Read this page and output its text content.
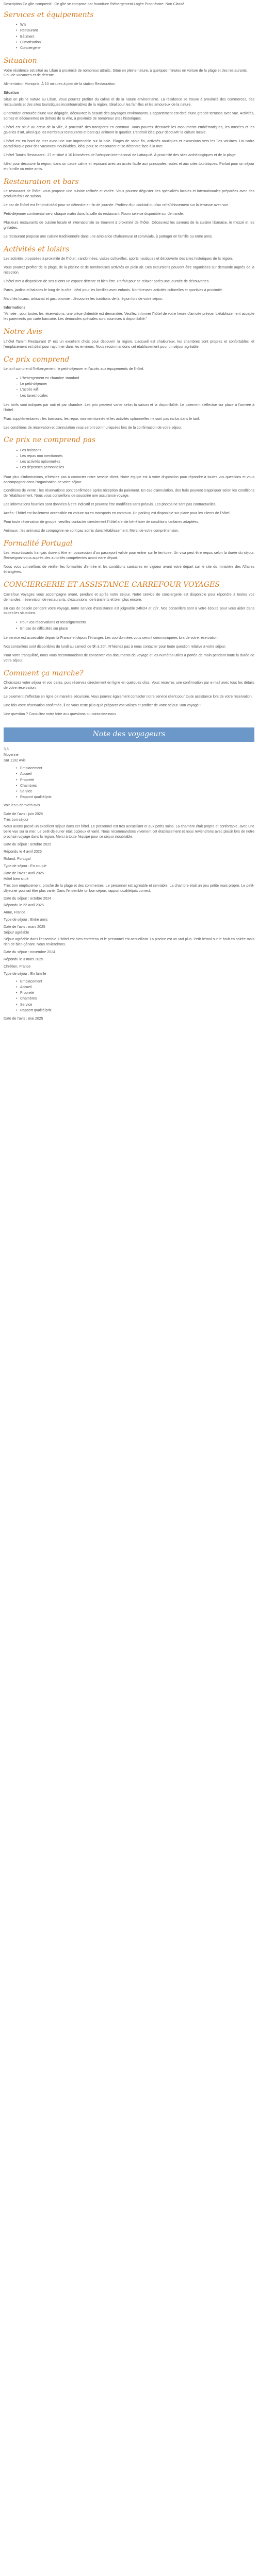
Description Ce gîte comprend : Ce gîte se compose par fourniture l'hébergement Logée Propriétaire. Non Classé

Services et équipements
• Wifi
• Restaurant
• Bâtiment
• Climatisation
• Conciergerie
Situation

Votre résidence est situé au Liban à proximité de nombreux attraits. Situé en pleine nature, à quelques minutes en voiture de la plage et des restaurants. Lieu de vacances et de détente.

Alimentation Monoprix. À 10 minutes à pied de la station Restauration.

Situation

Situé en pleine nature au Liban. Vous pourrez profiter du calme et de la nature environnante. La résidence se trouve à proximité des commerces, des restaurants et des sites touristiques incontournables de la région. Idéal pour les familles et les amoureux de la nature.

Orientation entourée d'une vue dégagée, découvrez la beauté des paysages environnants. L'appartement est doté d'une grande terrasse avec vue. Activités, sorties et découvertes en dehors de la ville, à proximité de nombreux sites historiques.

L'hôtel est situé au cœur de la ville, à proximité des transports en commun. Vous pourrez découvrir les monuments emblématiques, les musées et les galeries d'art, ainsi que les nombreux restaurants et bars qui animent le quartier. L'endroit idéal pour découvrir la culture locale.

L'hôtel est en bord de mer avec une vue imprenable sur la baie. Plages de sable fin, activités nautiques et excursions vers les îles voisines. Un cadre paradisiaque pour des vacances inoubliables, idéal pour se ressourcer et se détendre face à la mer.

L'hôtel Tamim Restaurant : 27 et situé à 10 kilomètres de l'aéroport international de Lattaquié. À proximité des sites archéologiques et de la plage.

Idéal pour découvrir la région, dans un cadre calme et reposant avec un accès facile aux principales routes et aux sites touristiques. Parfait pour un séjour en famille ou entre amis.

Restauration et bars

Le restaurant de l'hôtel vous propose une cuisine raffinée et variée. Vous pourrez déguster des spécialités locales et internationales préparées avec des produits frais de saison.

Le bar de l'hôtel est l'endroit idéal pour se détendre en fin de journée. Profitez d'un cocktail ou d'un rafraîchissement sur la terrasse avec vue.

Petit-déjeuner continental servi chaque matin dans la salle du restaurant. Room service disponible sur demande.

Plusieurs restaurants de cuisine locale et internationale se trouvent à proximité de l'hôtel. Découvrez les saveurs de la cuisine libanaise, le mezzé et les grillades.

Le restaurant propose une cuisine traditionnelle dans une ambiance chaleureuse et conviviale, à partager en famille ou entre amis.

Activités et loisirs

Les activités proposées à proximité de l'hôtel : randonnées, visites culturelles, sports nautiques et découverte des sites historiques de la région.

Vous pourrez profiter de la plage, de la piscine et de nombreuses activités en plein air. Des excursions peuvent être organisées sur demande auprès de la réception.

L'hôtel met à disposition de ses clients un espace détente et bien-être. Parfait pour se relaxer après une journée de découvertes.

Parcs, jardins et balades le long de la côte. Idéal pour les familles avec enfants. Nombreuses activités culturelles et sportives à proximité.

Marchés locaux, artisanat et gastronomie : découvrez les traditions de la région lors de votre séjour.

Informations

"Arrivée : pour toutes les réservations, une pièce d'identité est demandée. Veuillez informer l'hôtel de votre heure d'arrivée prévue. L'établissement accepte les paiements par carte bancaire. Les demandes spéciales sont soumises à disponibilité."

Notre Avis

L'hôtel Tamim Restaurant 3* est un excellent choix pour découvrir la région. L'accueil est chaleureux, les chambres sont propres et confortables, et l'emplacement est idéal pour rayonner dans les environs. Nous recommandons cet établissement pour un séjour agréable.

Ce prix comprend

Le tarif comprend l'hébergement, le petit-déjeuner et l'accès aux équipements de l'hôtel.

– L'hébergement en chambre standard
– Le petit-déjeuner
– L'accès wifi
– Les taxes locales

Les tarifs sont indiqués par nuit et par chambre. Les prix peuvent varier selon la saison et la disponibilité. Le paiement s'effectue sur place à l'arrivée à l'hôtel.

Frais supplémentaires : les boissons, les repas non mentionnés et les activités optionnelles ne sont pas inclus dans le tarif.

Les conditions de réservation et d'annulation vous seront communiquées lors de la confirmation de votre séjour.

Ce prix ne comprend pas
– Les boissons
– Les repas non mentionnés
– Les activités optionnelles
– Les dépenses personnelles

Pour plus d'informations, n'hésitez pas à contacter notre service client. Notre équipe est à votre disposition pour répondre à toutes vos questions et vous accompagner dans l'organisation de votre séjour.

Conditions de vente : les réservations sont confirmées après réception du paiement. En cas d'annulation, des frais peuvent s'appliquer selon les conditions de l'établissement. Nous vous conseillons de souscrire une assurance voyage.

Les informations fournies sont données à titre indicatif et peuvent être modifiées sans préavis. Les photos ne sont pas contractuelles.

Accès : l'hôtel est facilement accessible en voiture ou en transports en commun. Un parking est disponible sur place pour les clients de l'hôtel.

Pour toute réservation de groupe, veuillez contacter directement l'hôtel afin de bénéficier de conditions tarifaires adaptées.

Animaux : les animaux de compagnie ne sont pas admis dans l'établissement. Merci de votre compréhension.

Formalité Portugal

Les ressortissants français doivent être en possession d'un passeport valide pour entrer sur le territoire. Un visa peut être requis selon la durée du séjour. Renseignez-vous auprès des autorités compétentes avant votre départ.

Nous vous conseillons de vérifier les formalités d'entrée et les conditions sanitaires en vigueur avant votre départ sur le site du ministère des Affaires étrangères.

CONCIERGERIE ET ASSISTANCE CARREFOUR VOYAGES

Carrefour Voyages vous accompagne avant, pendant et après votre séjour. Notre service de conciergerie est disponible pour répondre à toutes vos demandes : réservation de restaurants, d'excursions, de transferts et bien plus encore.

En cas de besoin pendant votre voyage, notre service d'assistance est joignable 24h/24 et 7j/7. Nos conseillers sont à votre écoute pour vous aider dans toutes les situations.

• Pour vos réservations et renseignements
• En cas de difficultés sur place

Le service est accessible depuis la France et depuis l'étranger. Les coordonnées vous seront communiquées lors de votre réservation.

Nos conseillers sont disponibles du lundi au samedi de 9h à 20h. N'hésitez pas à nous contacter pour toute question relative à votre séjour.

Pour votre tranquillité, nous vous recommandons de conserver vos documents de voyage et les numéros utiles à portée de main pendant toute la durée de votre séjour.

Comment ça marche?

Choisissez votre séjour et vos dates, puis réservez directement en ligne en quelques clics. Vous recevrez une confirmation par e-mail avec tous les détails de votre réservation.

Le paiement s'effectue en ligne de manière sécurisée. Vous pouvez également contacter notre service client pour toute assistance lors de votre réservation.

Une fois votre réservation confirmée, il ne vous reste plus qu'à préparer vos valises et profiter de votre séjour. Bon voyage !

Une question ? Consultez notre foire aux questions ou contactez-nous.

Note des voyageurs
3,6
Moyenne
Sur 1192 Avis
• Emplacement
• Accueil
• Propreté
• Chambres
• Service
• Rapport qualité/prix

Voir les 5 derniers avis

Date de l'avis : juin 2025
Très bon séjour

Nous avons passé un excellent séjour dans cet hôtel. Le personnel est très accueillant et aux petits soins. La chambre était propre et confortable, avec une belle vue sur la mer. Le petit-déjeuner était copieux et varié. Nous recommandons vivement cet établissement et nous reviendrons avec plaisir lors de notre prochain voyage dans la région. Merci à toute l'équipe pour ce séjour inoubliable.

Date du séjour : octobre 2025

Répondu le 4 avril 2025

Roland, Portugal

Type de séjour : En couple

Date de l'avis : avril 2025
Hôtel bien situé

Très bon emplacement, proche de la plage et des commerces. Le personnel est agréable et serviable. La chambre était un peu petite mais propre. Le petit-déjeuner pourrait être plus varié. Dans l'ensemble un bon séjour, rapport qualité/prix correct.

Date du séjour : octobre 2024

Répondu le 22 avril 2025

Anne, France

Type de séjour : Entre amis

Date de l'avis : mars 2025
Séjour agréable

Séjour agréable dans l'ensemble. L'hôtel est bien entretenu et le personnel est accueillant. La piscine est un vrai plus. Petit bémol sur le bruit en soirée mais rien de bien gênant. Nous reviendrons.

Date du séjour : novembre 2024

Répondu le 3 mars 2025

Chrétien, France

Type de séjour : En famille

• Emplacement
• Accueil
• Propreté
• Chambres
• Service
• Rapport qualité/prix

Date de l'avis : mai 2025
